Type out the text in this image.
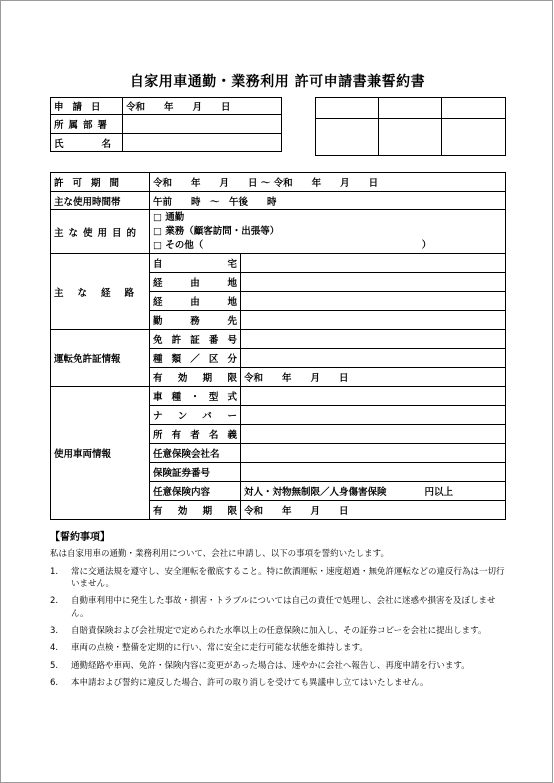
自家用車通勤・業務利用 許可申請書兼誓約書
申請日	令和　　年　　月　　日
所属部署	
氏名	

許可期間	令和　　年　　月　　日 ～ 令和　　年　　月　　日	
主な使用時間帯	午前　　時　～　午後　　時	
主な使用目的	□ 通勤
□ 業務（顧客訪問・出張等）
□ その他（　　　　　　　　　　　　　　　　　　　　　　　）	

主な経路	自宅	
	経由地	
	経由地	
	勤務先	
運転免許証情報	免許証番号	
	種類／区分	
	有効期限	令和　　年　　月　　日
使用車両情報	車種・型式	
	ナンバー	
	所有者名義	
	任意保険会社名	
	保険証券番号	
	任意保険内容	対人・対物無制限／人身傷害保険　　　　円以上
	有効期限	令和　　年　　月　　日
【誓約事項】
私は自家用車の通勤・業務利用について、会社に申請し、以下の事項を誓約いたします。
1.	常に交通法規を遵守し、安全運転を徹底すること。特に飲酒運転・速度超過・無免許運転などの違反行為は一切行いません。
2.	自動車利用中に発生した事故・損害・トラブルについては自己の責任で処理し、会社に迷惑や損害を及ぼしません。
3.	自賠責保険および会社規定で定められた水準以上の任意保険に加入し、その証券コピーを会社に提出します。
4.	車両の点検・整備を定期的に行い、常に安全に走行可能な状態を維持します。
5.	通勤経路や車両、免許・保険内容に変更があった場合は、速やかに会社へ報告し、再度申請を行います。
6.	本申請および誓約に違反した場合、許可の取り消しを受けても異議申し立てはいたしません。
